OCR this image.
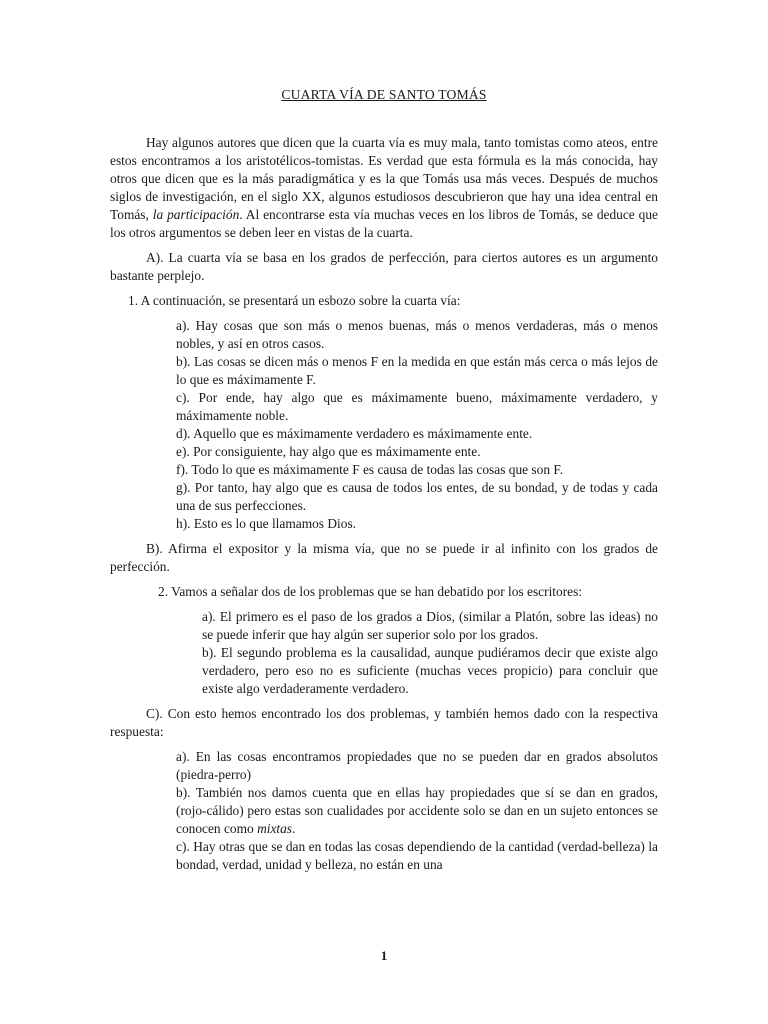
CUARTA VÍA DE SANTO TOMÁS

Hay algunos autores que dicen que la cuarta vía es muy mala, tanto tomistas como ateos, entre estos encontramos a los aristotélicos-tomistas. Es verdad que esta fórmula es la más conocida, hay otros que dicen que es la más paradigmática y es la que Tomás usa más veces. Después de muchos siglos de investigación, en el siglo XX, algunos estudiosos descubrieron que hay una idea central en Tomás, la participación. Al encontrarse esta vía muchas veces en los libros de Tomás, se deduce que los otros argumentos se deben leer en vistas de la cuarta.

A). La cuarta vía se basa en los grados de perfección, para ciertos autores es un argumento bastante perplejo.

1. A continuación, se presentará un esbozo sobre la cuarta vía:

a). Hay cosas que son más o menos buenas, más o menos verdaderas, más o menos nobles, y así en otros casos.

b). Las cosas se dicen más o menos F en la medida en que están más cerca o más lejos de lo que es máximamente F.

c). Por ende, hay algo que es máximamente bueno, máximamente verdadero, y máximamente noble.

d). Aquello que es máximamente verdadero es máximamente ente.

e). Por consiguiente, hay algo que es máximamente ente.

f). Todo lo que es máximamente F es causa de todas las cosas que son F.

g). Por tanto, hay algo que es causa de todos los entes, de su bondad, y de todas y cada una de sus perfecciones.

h). Esto es lo que llamamos Dios.

B). Afirma el expositor y la misma vía, que no se puede ir al infinito con los grados de perfección.

2. Vamos a señalar dos de los problemas que se han debatido por los escritores:

a). El primero es el paso de los grados a Dios, (similar a Platón, sobre las ideas) no se puede inferir que hay algún ser superior solo por los grados.

b). El segundo problema es la causalidad, aunque pudiéramos decir que existe algo verdadero, pero eso no es suficiente (muchas veces propicio) para concluir que existe algo verdaderamente verdadero.

C). Con esto hemos encontrado los dos problemas, y también hemos dado con la respectiva respuesta:

a). En las cosas encontramos propiedades que no se pueden dar en grados absolutos (piedra-perro)

b). También nos damos cuenta que en ellas hay propiedades que sí se dan en grados, (rojo-cálido) pero estas son cualidades por accidente solo se dan en un sujeto entonces se conocen como mixtas.

c). Hay otras que se dan en todas las cosas dependiendo de la cantidad (verdad-belleza) la bondad, verdad, unidad y belleza, no están en una

1
